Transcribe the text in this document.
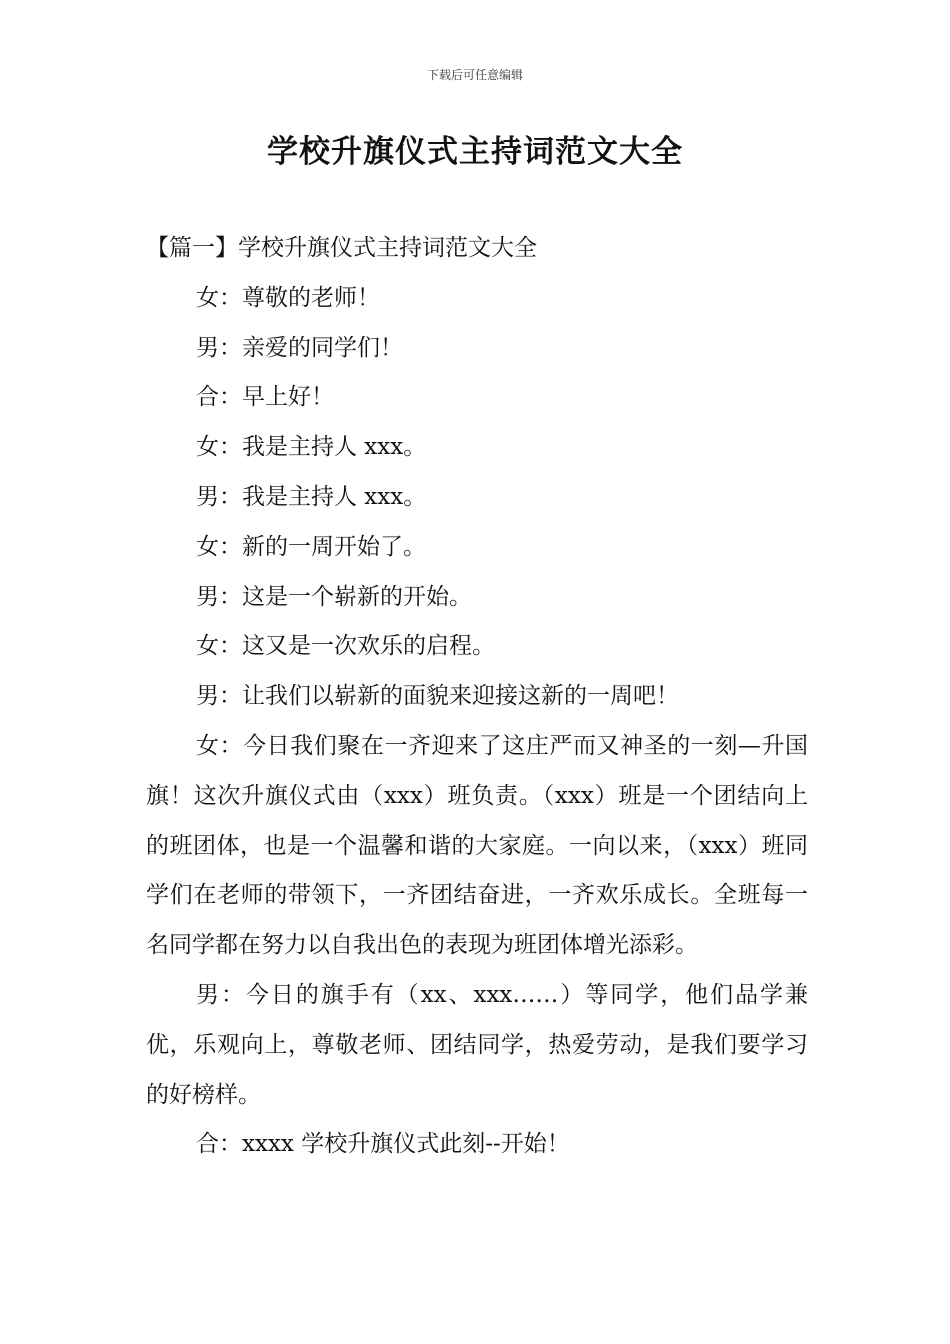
下载后可任意编辑
学校升旗仪式主持词范文大全

【篇一】学校升旗仪式主持词范文大全

女：尊敬的老师！

男：亲爱的同学们！

合：早上好！

女：我是主持人 xxx。

男：我是主持人 xxx。

女：新的一周开始了。

男：这是一个崭新的开始。

女：这又是一次欢乐的启程。

男：让我们以崭新的面貌来迎接这新的一周吧！

女：今日我们聚在一齐迎来了这庄严而又神圣的一刻—升国旗！这次升旗仪式由（xxx）班负责。（xxx）班是一个团结向上的班团体，也是一个温馨和谐的大家庭。一向以来，（xxx）班同学们在老师的带领下，一齐团结奋进，一齐欢乐成长。全班每一名同学都在努力以自我出色的表现为班团体增光添彩。

男：今日的旗手有（xx、xxx……）等同学，他们品学兼优，乐观向上，尊敬老师、团结同学，热爱劳动，是我们要学习的好榜样。

合：xxxx 学校升旗仪式此刻--开始！
